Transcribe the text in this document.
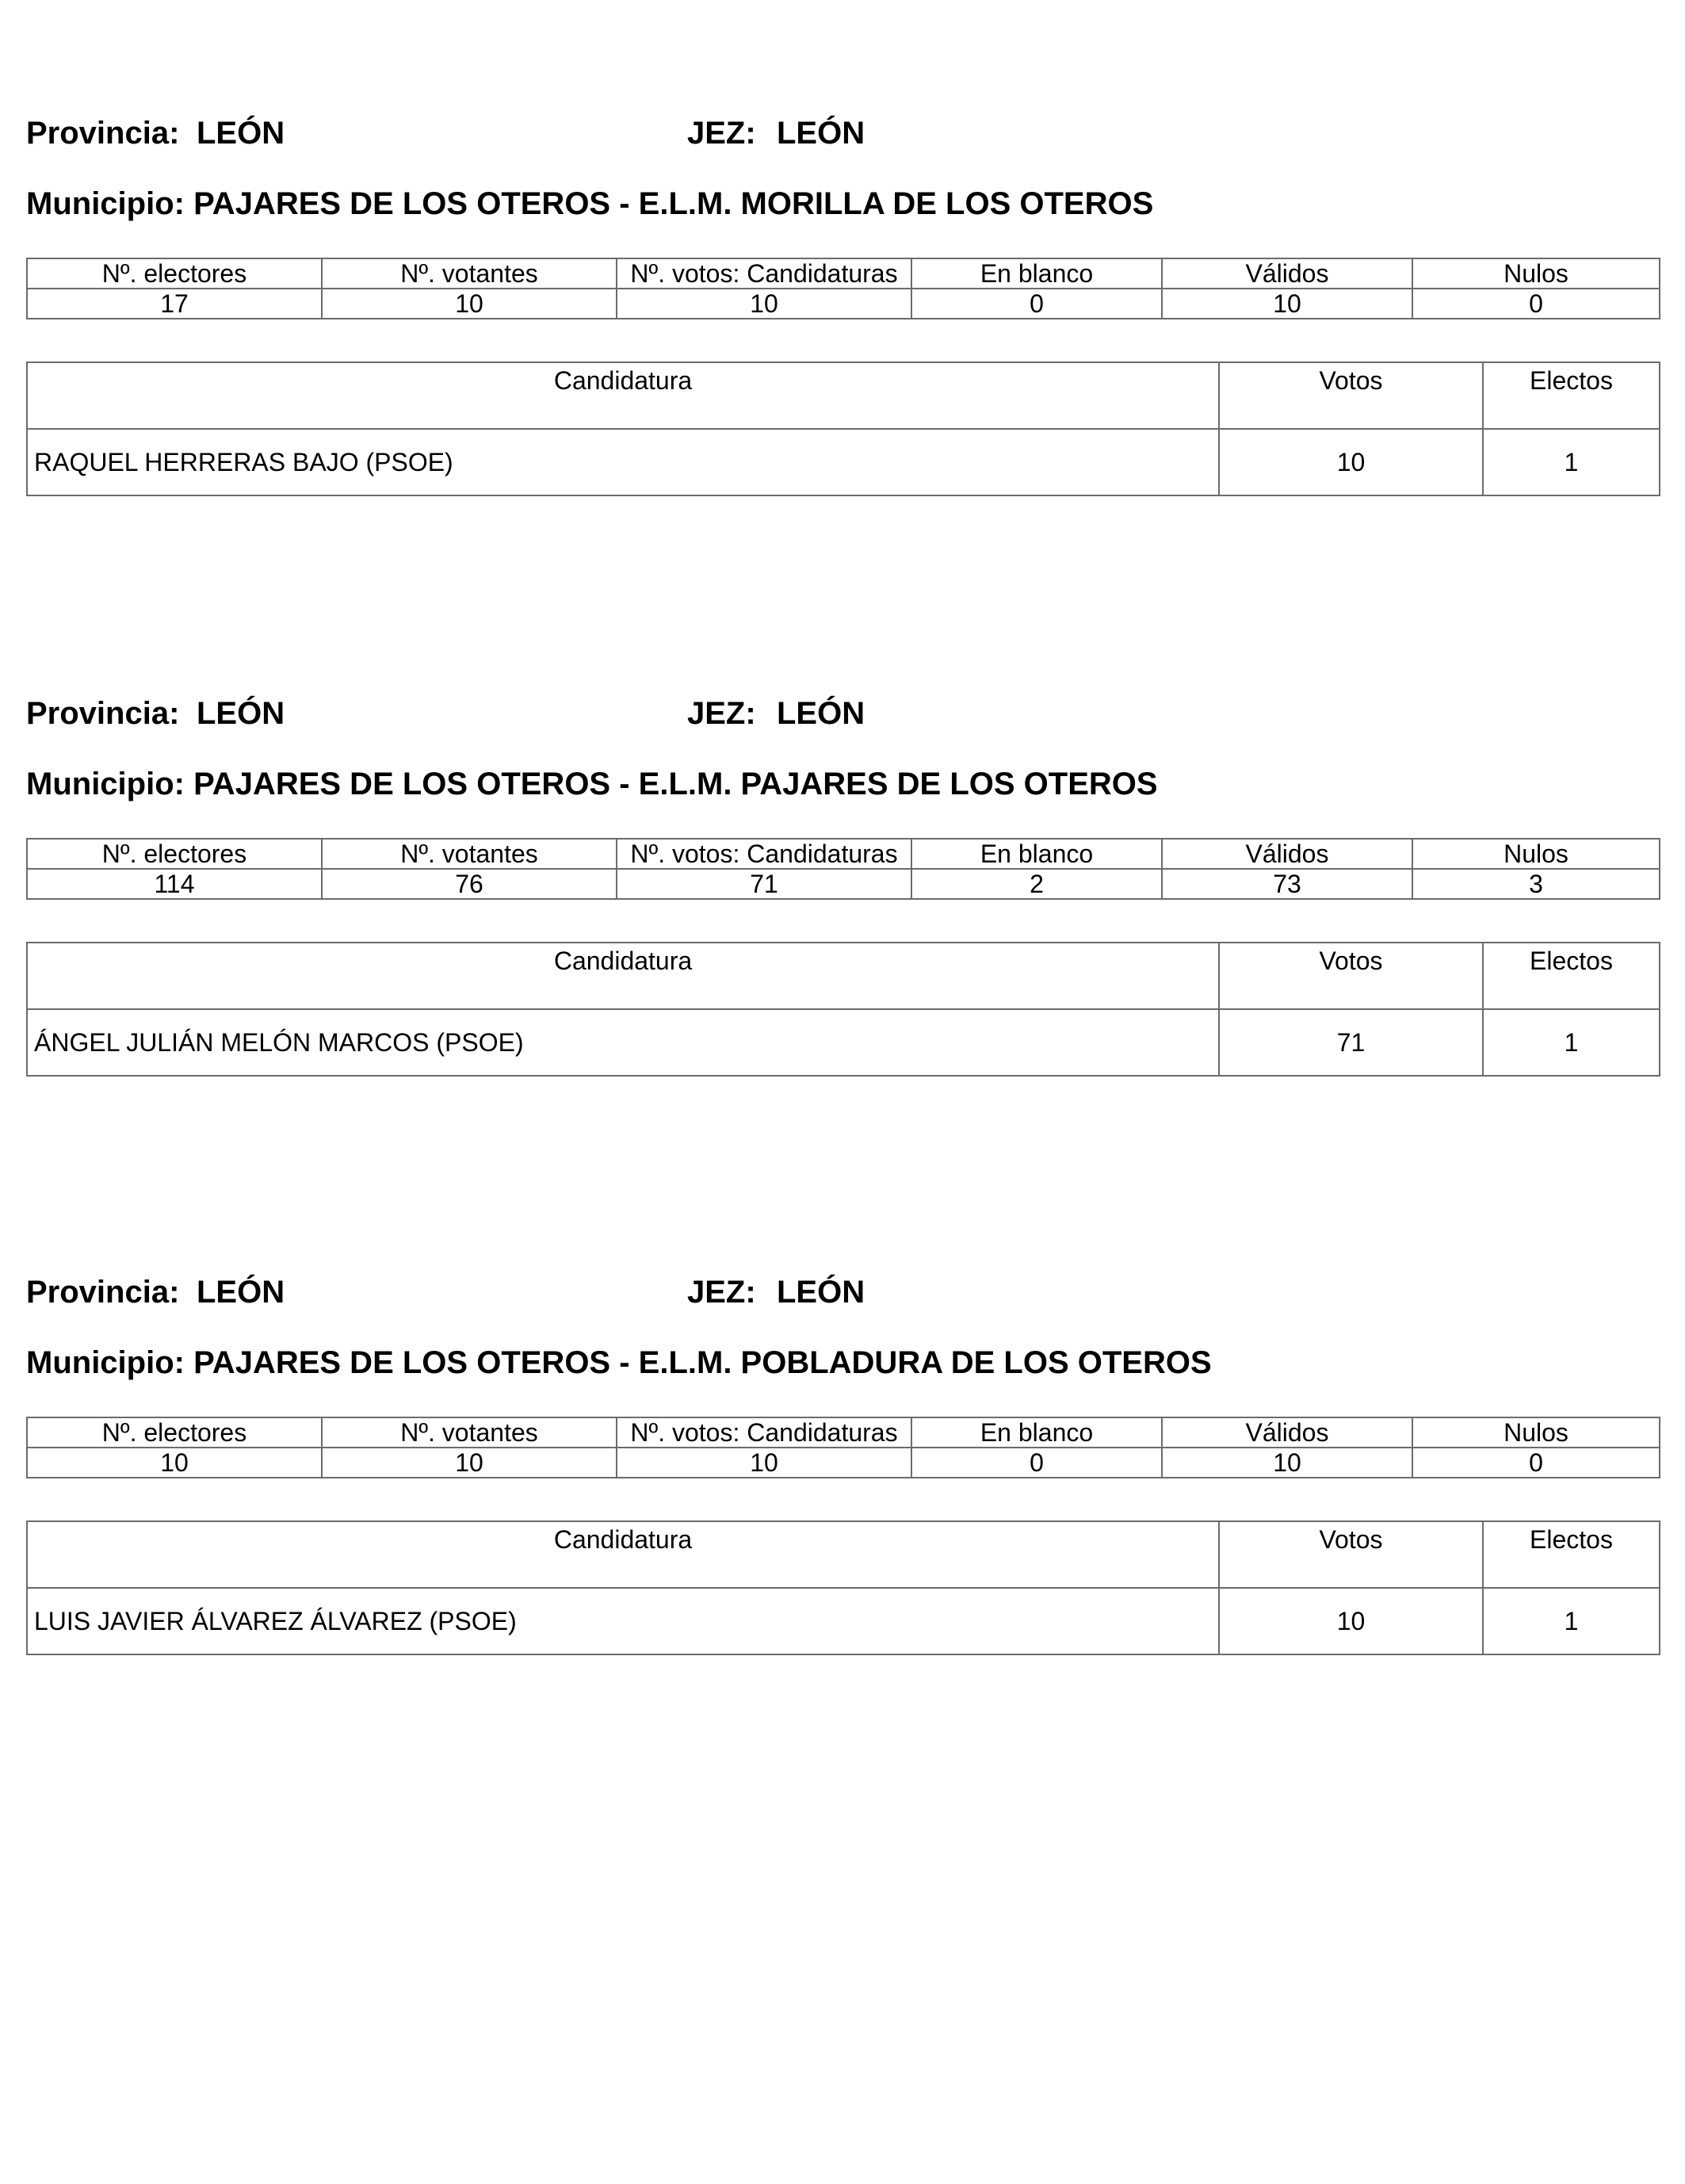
Provincia: LEÓN	JEZ: LEÓN
Municipio: PAJARES DE LOS OTEROS - E.L.M. MORILLA DE LOS OTEROS
Nº. electores	Nº. votantes	Nº. votos: Candidaturas	En blanco	Válidos	Nulos
17	10	10	0	10	0
Candidatura	Votos	Electos
RAQUEL HERRERAS BAJO (PSOE)	10	1
Provincia: LEÓN	JEZ: LEÓN
Municipio: PAJARES DE LOS OTEROS - E.L.M. PAJARES DE LOS OTEROS
Nº. electores	Nº. votantes	Nº. votos: Candidaturas	En blanco	Válidos	Nulos
114	76	71	2	73	3
Candidatura	Votos	Electos
ÁNGEL JULIÁN MELÓN MARCOS (PSOE)	71	1
Provincia: LEÓN	JEZ: LEÓN
Municipio: PAJARES DE LOS OTEROS - E.L.M. POBLADURA DE LOS OTEROS
Nº. electores	Nº. votantes	Nº. votos: Candidaturas	En blanco	Válidos	Nulos
10	10	10	0	10	0
Candidatura	Votos	Electos
LUIS JAVIER ÁLVAREZ ÁLVAREZ (PSOE)	10	1
